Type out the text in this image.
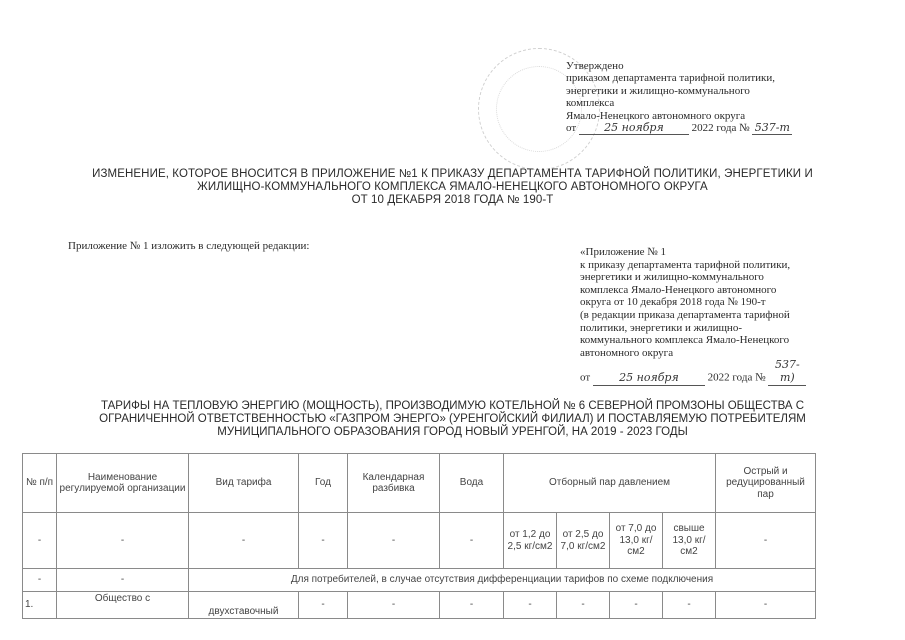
Утверждено
приказом департамента тарифной политики,
энергетики и жилищно-коммунального
комплекса
Ямало-Ненецкого автономного округа
от	25 ноября	2022 года № 537-т
ИЗМЕНЕНИЕ, КОТОРОЕ ВНОСИТСЯ В ПРИЛОЖЕНИЕ №1 К ПРИКАЗУ ДЕПАРТАМЕНТА ТАРИФНОЙ ПОЛИТИКИ, ЭНЕРГЕТИКИ И
ЖИЛИЩНО-КОММУНАЛЬНОГО КОМПЛЕКСА ЯМАЛО-НЕНЕЦКОГО АВТОНОМНОГО ОКРУГА
ОТ 10 ДЕКАБРЯ 2018 ГОДА № 190-Т
Приложение № 1 изложить в следующей редакции:	«Приложение № 1
к приказу департамента тарифной политики,
энергетики и жилищно-коммунального
комплекса Ямало-Ненецкого автономного
округа от 10 декабря 2018 года № 190-т
(в редакции приказа департамента тарифной
политики, энергетики и жилищно-
коммунального комплекса Ямало-Ненецкого
автономного округа
от	25 ноября	2022 года № 537-т)
ТАРИФЫ НА ТЕПЛОВУЮ ЭНЕРГИЮ (МОЩНОСТЬ), ПРОИЗВОДИМУЮ КОТЕЛЬНОЙ № 6 СЕВЕРНОЙ ПРОМЗОНЫ ОБЩЕСТВА С
ОГРАНИЧЕННОЙ ОТВЕТСТВЕННОСТЬЮ «ГАЗПРОМ ЭНЕРГО» (УРЕНГОЙСКИЙ ФИЛИАЛ) И ПОСТАВЛЯЕМУЮ ПОТРЕБИТЕЛЯМ
МУНИЦИПАЛЬНОГО ОБРАЗОВАНИЯ ГОРОД НОВЫЙ УРЕНГОЙ, НА 2019 - 2023 ГОДЫ
№ п/п	Наименование регулируемой организации	Вид тарифа	Год	Календарная разбивка	Вода	Отборный пар давлением				Острый и редуцированный пар
-	-	-	-	-	-	от 1,2 до 2,5 кг/см2	от 2,5 до 7,0 кг/см2	от 7,0 до 13,0 кг/см2	свыше 13,0 кг/см2	-
-	-	Для потребителей, в случае отсутствия дифференциации тарифов по схеме подключения								
1.	Общество с	двухставочный	-	-	-	-	-	-	-	-
